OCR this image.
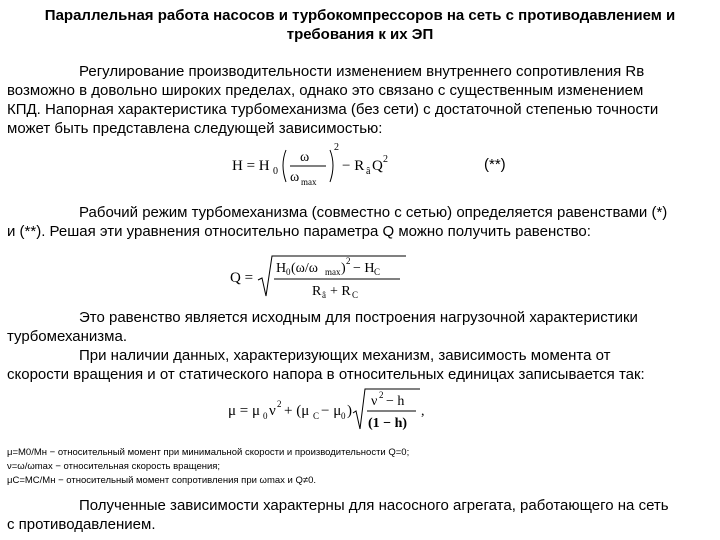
Параллельная работа насосов и турбокомпрессоров на сеть с противодавлением и
требования к их ЭП
Регулирование производительности изменением внутреннего сопротивления Rв
возможно в довольно широких пределах, однако это связано с существенным изменением
КПД. Напорная характеристика турбомеханизма (без сети) с достаточной степенью точности
может быть представлена следующей зависимостью:
H = H 0
ω
ω max
2
− R â Q 2	(**)
Рабочий режим турбомеханизма (совместно с сетью) определяется равенствами (*)
и (**). Решая эти уравнения относительно параметра Q можно получить равенство:
Q =
H 0 (ω/ω max ) 2 − H C
R â + R C
Это равенство является исходным для построения нагрузочной характеристики
турбомеханизма.
При наличии данных, характеризующих механизм, зависимость момента от
скорости вращения и от статического напора в относительных единицах записывается так:
μ = μ 0 ν 2 + (μ C − μ 0 )
ν 2 − h
(1 − h)
,
μ=M0/Mн − относительный момент при минимальной скорости и производительности Q=0;
ν=ω/ωmax − относительная скорость вращения;
μC=MC/Mн − относительный момент сопротивления при ωmax и Q≠0.
Полученные зависимости характерны для насосного агрегата, работающего на сеть
с противодавлением.
